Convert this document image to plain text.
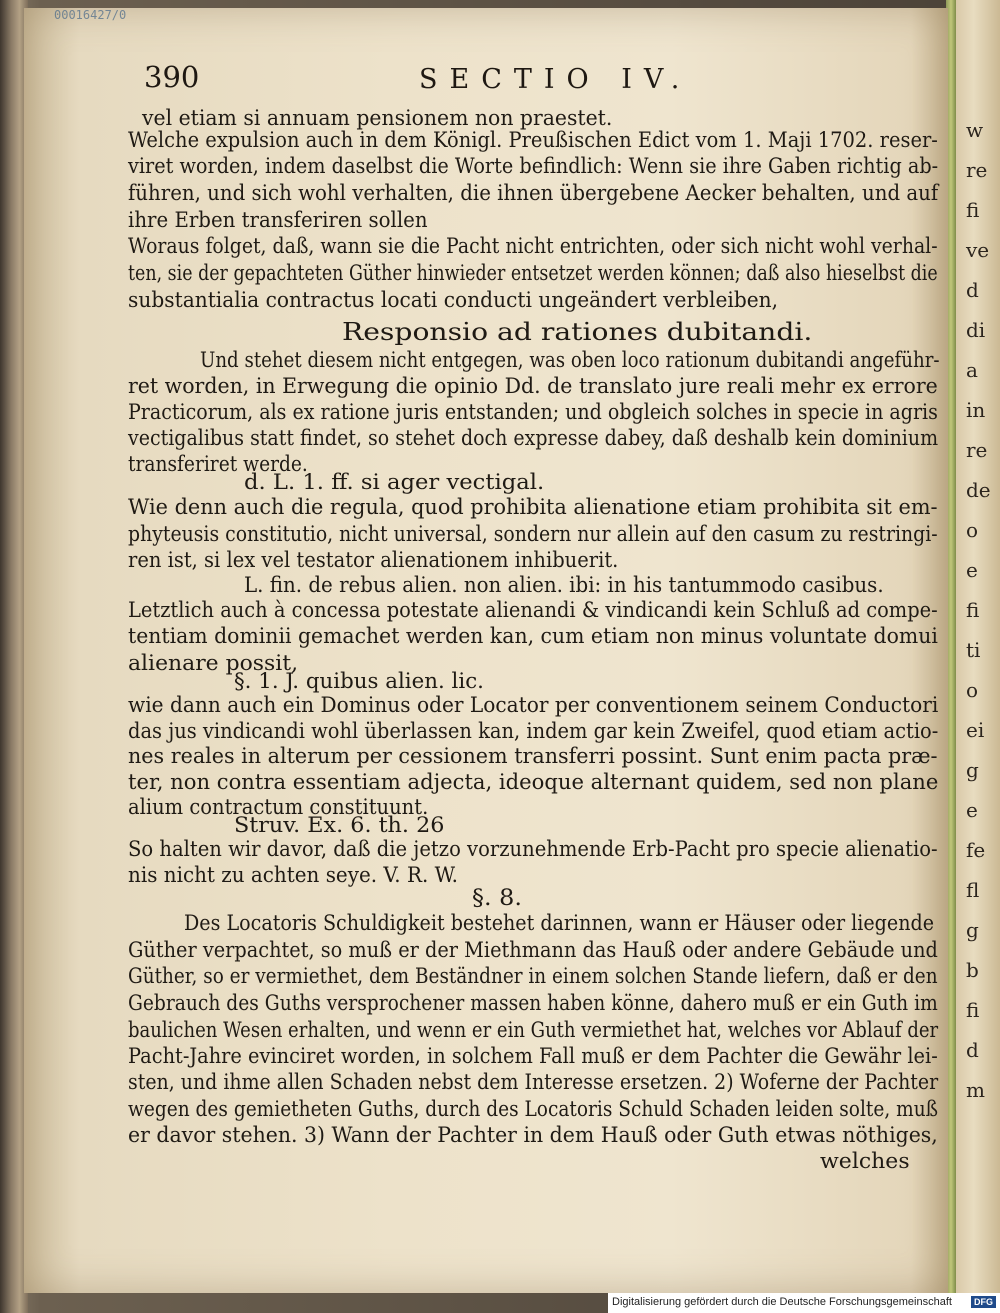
w
re
fi
ve
d
di
a
in
re
de
o
e
fi
ti
o
ei
g
e
fe
fl
g
b
fi
d
m
00016427/0
390	SECTIO IV.
vel etiam si annuam pensionem non praestet.
Welche expulsion auch in dem Königl. Preußischen Edict vom 1. Maji 1702. reser-
viret worden, indem daselbst die Worte befindlich: Wenn sie ihre Gaben richtig ab-
führen, und sich wohl verhalten, die ihnen übergebene Aecker behalten, und auf
ihre Erben transferiren sollen
Woraus folget, daß, wann sie die Pacht nicht entrichten, oder sich nicht wohl verhal-
ten, sie der gepachteten Güther hinwieder entsetzet werden können; daß also hieselbst die
substantialia contractus locati conducti ungeändert verbleiben,
Responsio ad rationes dubitandi.
Und stehet diesem nicht entgegen, was oben loco rationum dubitandi angeführ-
ret worden, in Erwegung die opinio Dd. de translato jure reali mehr ex errore
Practicorum, als ex ratione juris entstanden; und obgleich solches in specie in agris
vectigalibus statt findet, so stehet doch expresse dabey, daß deshalb kein dominium
transferiret werde.
d. L. 1. ff. si ager vectigal.
Wie denn auch die regula, quod prohibita alienatione etiam prohibita sit em-
phyteusis constitutio, nicht universal, sondern nur allein auf den casum zu restringi-
ren ist, si lex vel testator alienationem inhibuerit.
L. fin. de rebus alien. non alien. ibi: in his tantummodo casibus.
Letztlich auch à concessa potestate alienandi & vindicandi kein Schluß ad compe-
tentiam dominii gemachet werden kan, cum etiam non minus voluntate domui
alienare possit,
§. 1. J. quibus alien. lic.
wie dann auch ein Dominus oder Locator per conventionem seinem Conductori
das jus vindicandi wohl überlassen kan, indem gar kein Zweifel, quod etiam actio-
nes reales in alterum per cessionem transferri possint. Sunt enim pacta præ-
ter, non contra essentiam adjecta, ideoque alternant quidem, sed non plane
alium contractum constituunt.
Struv. Ex. 6. th. 26
So halten wir davor, daß die jetzo vorzunehmende Erb-Pacht pro specie alienatio-
nis nicht zu achten seye. V. R. W.
§. 8.
Des Locatoris Schuldigkeit bestehet darinnen, wann er Häuser oder liegende
Güther verpachtet, so muß er der Miethmann das Hauß oder andere Gebäude und
Güther, so er vermiethet, dem Beständner in einem solchen Stande liefern, daß er den
Gebrauch des Guths versprochener massen haben könne, dahero muß er ein Guth im
baulichen Wesen erhalten, und wenn er ein Guth vermiethet hat, welches vor Ablauf der
Pacht-Jahre evinciret worden, in solchem Fall muß er dem Pachter die Gewähr lei-
sten, und ihme allen Schaden nebst dem Interesse ersetzen. 2) Woferne der Pachter
wegen des gemietheten Guths, durch des Locatoris Schuld Schaden leiden solte, muß
er davor stehen. 3) Wann der Pachter in dem Hauß oder Guth etwas nöthiges,
welches
Digitalisierung gefördert durch die Deutsche Forschungsgemeinschaft	DFG
